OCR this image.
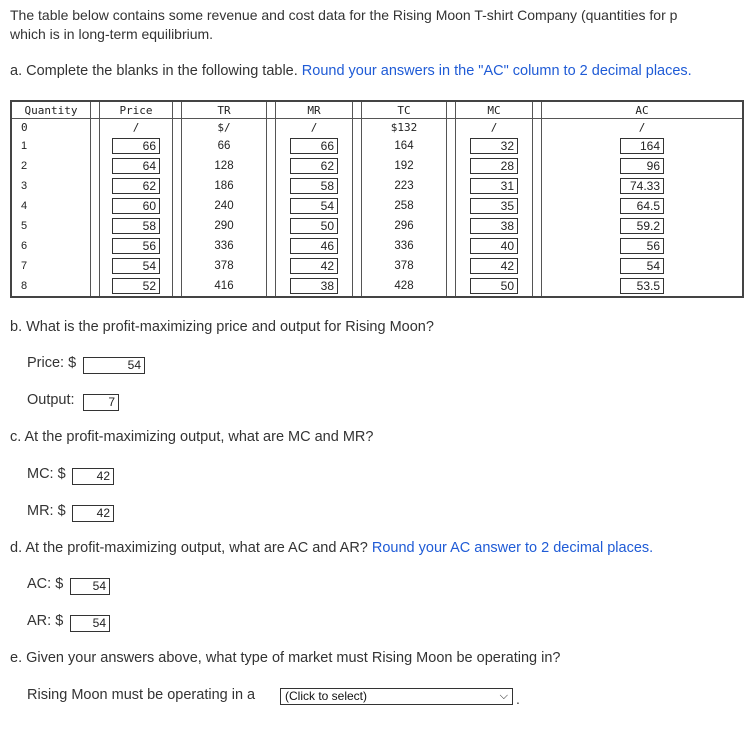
The table below contains some revenue and cost data for the Rising Moon T-shirt Company (quantities for p
which is in long-term equilibrium.
a. Complete the blanks in the following table. Round your answers in the "AC" column to 2 decimal places.
Quantity		Price		TR		MR		TC		MC		AC
0		/		$/		/		$132		/		/
1		66		66		66		164		32		164
2		64		128		62		192		28		96
3		62		186		58		223		31		74.33
4		60		240		54		258		35		64.5
5		58		290		50		296		38		59.2
6		56		336		46		336		40		56
7		54		378		42		378		42		54
8		52		416		38		428		50		53.5
b. What is the profit-maximizing price and output for Rising Moon?
Price: $	54
Output:	7
c. At the profit-maximizing output, what are MC and MR?
MC: $	42
MR: $	42
d. At the profit-maximizing output, what are AC and AR? Round your AC answer to 2 decimal places.
AC: $	54
AR: $	54
e. Given your answers above, what type of market must Rising Moon be operating in?
Rising Moon must be operating in a	(Click to select)	⌵ .
